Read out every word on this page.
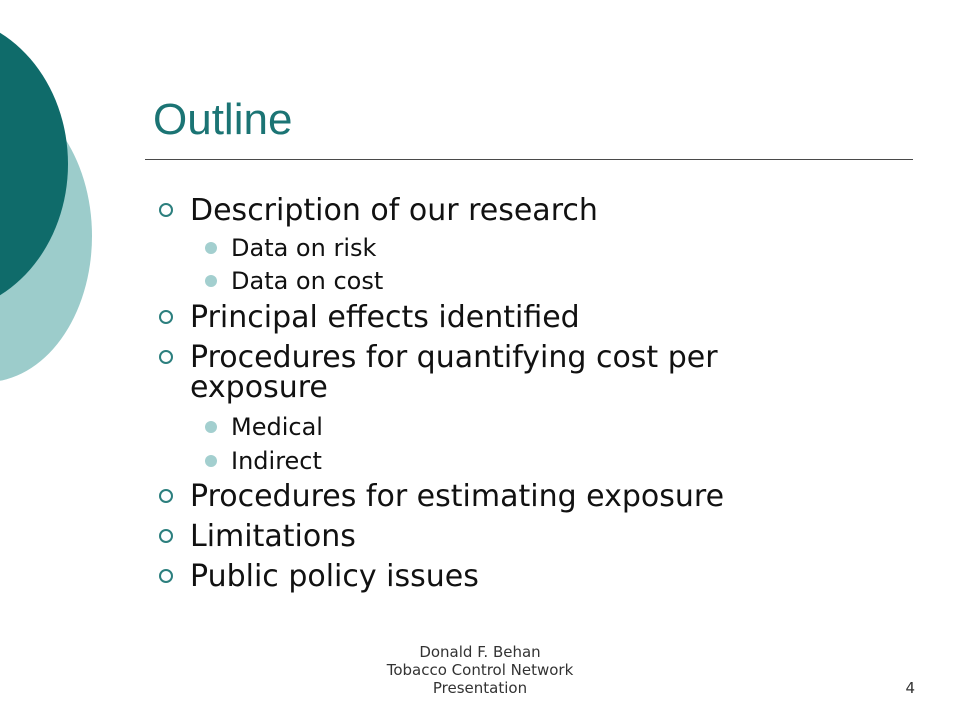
Outline
Description of our research
Data on risk
Data on cost
Principal effects identified
Procedures for quantifying cost per exposure
Medical
Indirect
Procedures for estimating exposure
Limitations
Public policy issues
Donald F. Behan
Tobacco Control Network
Presentation	4
